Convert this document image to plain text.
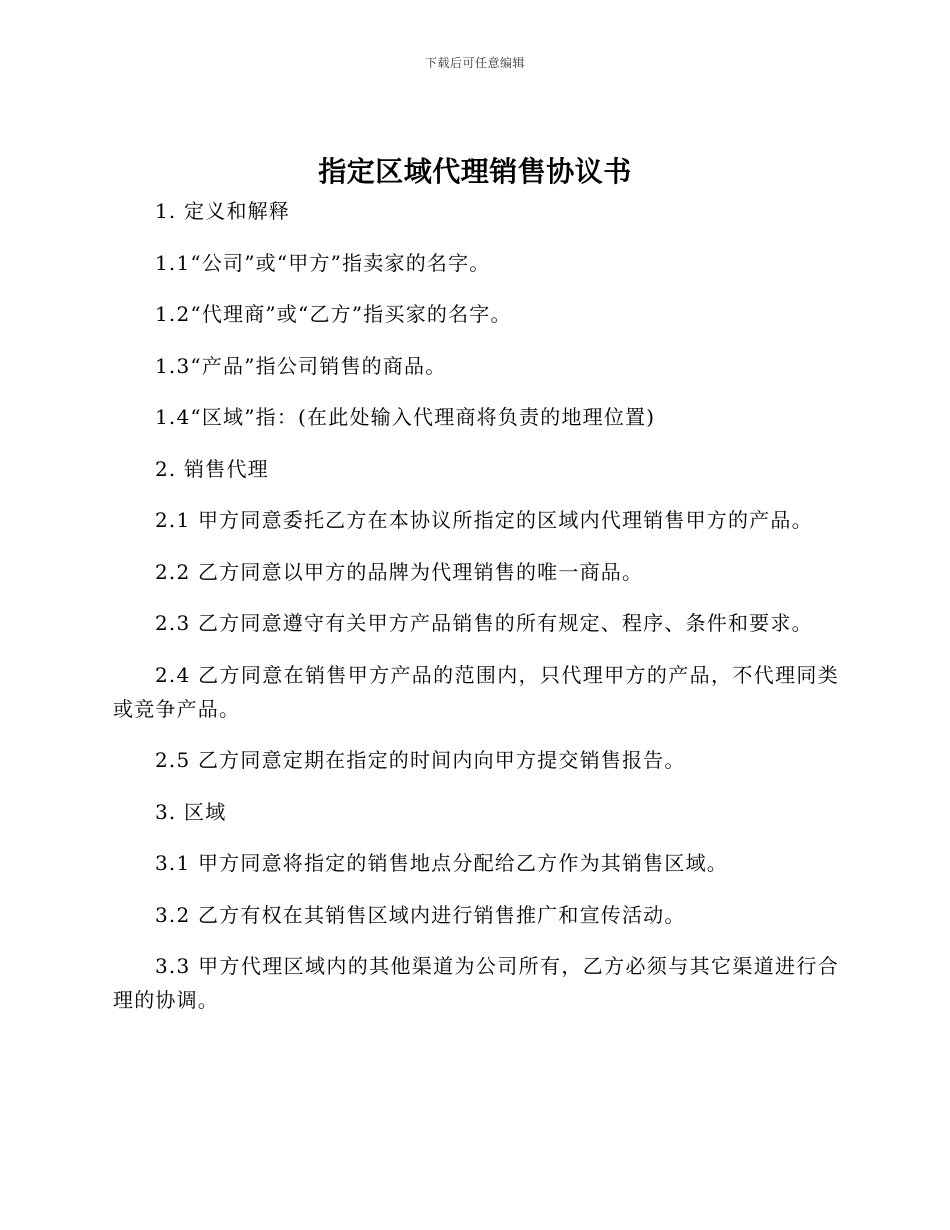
下载后可任意编辑
指定区域代理销售协议书

1. 定义和解释

1.1“公司”或“甲方”指卖家的名字。

1.2“代理商”或“乙方”指买家的名字。

1.3“产品”指公司销售的商品。

1.4“区域”指：(在此处输入代理商将负责的地理位置)

2. 销售代理

2.1 甲方同意委托乙方在本协议所指定的区域内代理销售甲方的产品。

2.2 乙方同意以甲方的品牌为代理销售的唯一商品。

2.3 乙方同意遵守有关甲方产品销售的所有规定、程序、条件和要求。

2.4 乙方同意在销售甲方产品的范围内，只代理甲方的产品，不代理同类或竞争产品。

2.5 乙方同意定期在指定的时间内向甲方提交销售报告。

3. 区域

3.1 甲方同意将指定的销售地点分配给乙方作为其销售区域。

3.2 乙方有权在其销售区域内进行销售推广和宣传活动。

3.3 甲方代理区域内的其他渠道为公司所有，乙方必须与其它渠道进行合理的协调。
